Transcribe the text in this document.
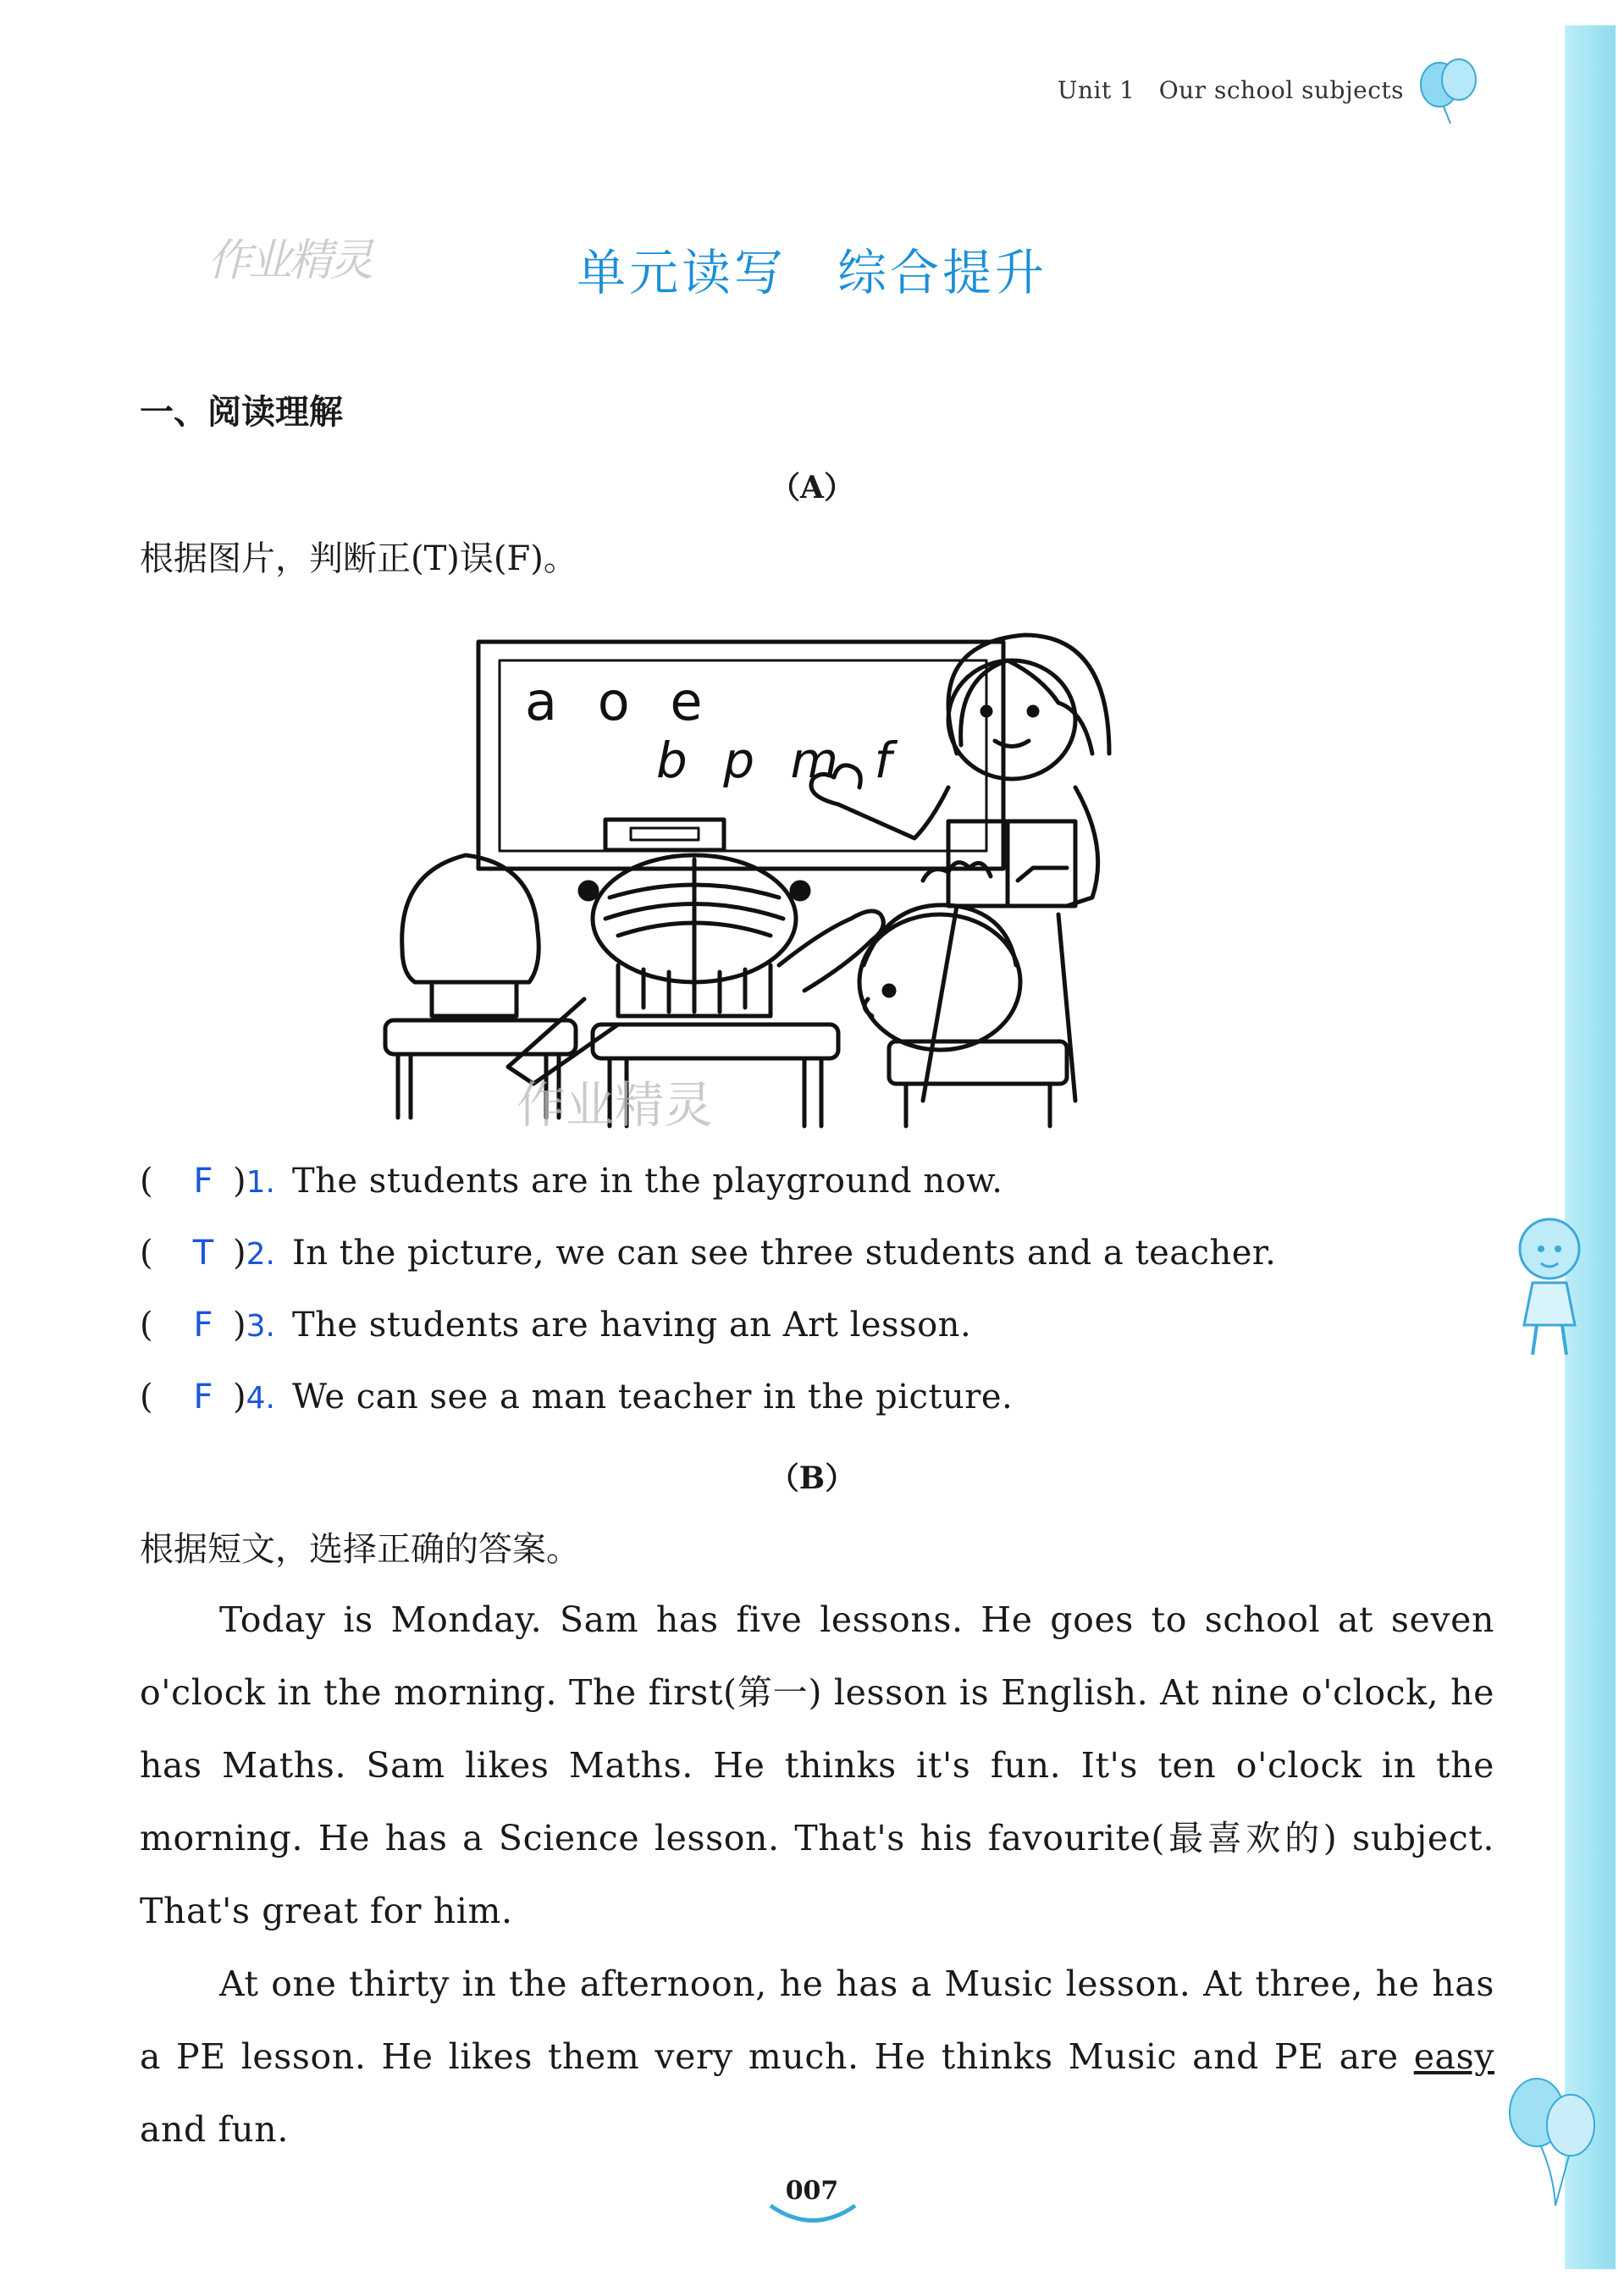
Unit 1 Our school subjects
作业精灵	单元读写 综合提升
一、阅读理解
（A）
根据图片，判断正(T)误(F)。
a o e
b p m f
作业精灵
(	F ) 1. The students are in the playground now.
(	T ) 2. In the picture, we can see three students and a teacher.
(	F ) 3. The students are having an Art lesson.
(	F ) 4. We can see a man teacher in the picture.
（B）
根据短文，选择正确的答案。

Today is Monday. Sam has five lessons. He goes to school at seven o'clock in the morning. The first(第一) lesson is English. At nine o'clock, he has Maths. Sam likes Maths. He thinks it's fun. It's ten o'clock in the morning. He has a Science lesson. That's his favourite(最喜欢的) subject. That's great for him.

At one thirty in the afternoon, he has a Music lesson. At three, he has a PE lesson. He likes them very much. He thinks Music and PE are easy and fun.

007
